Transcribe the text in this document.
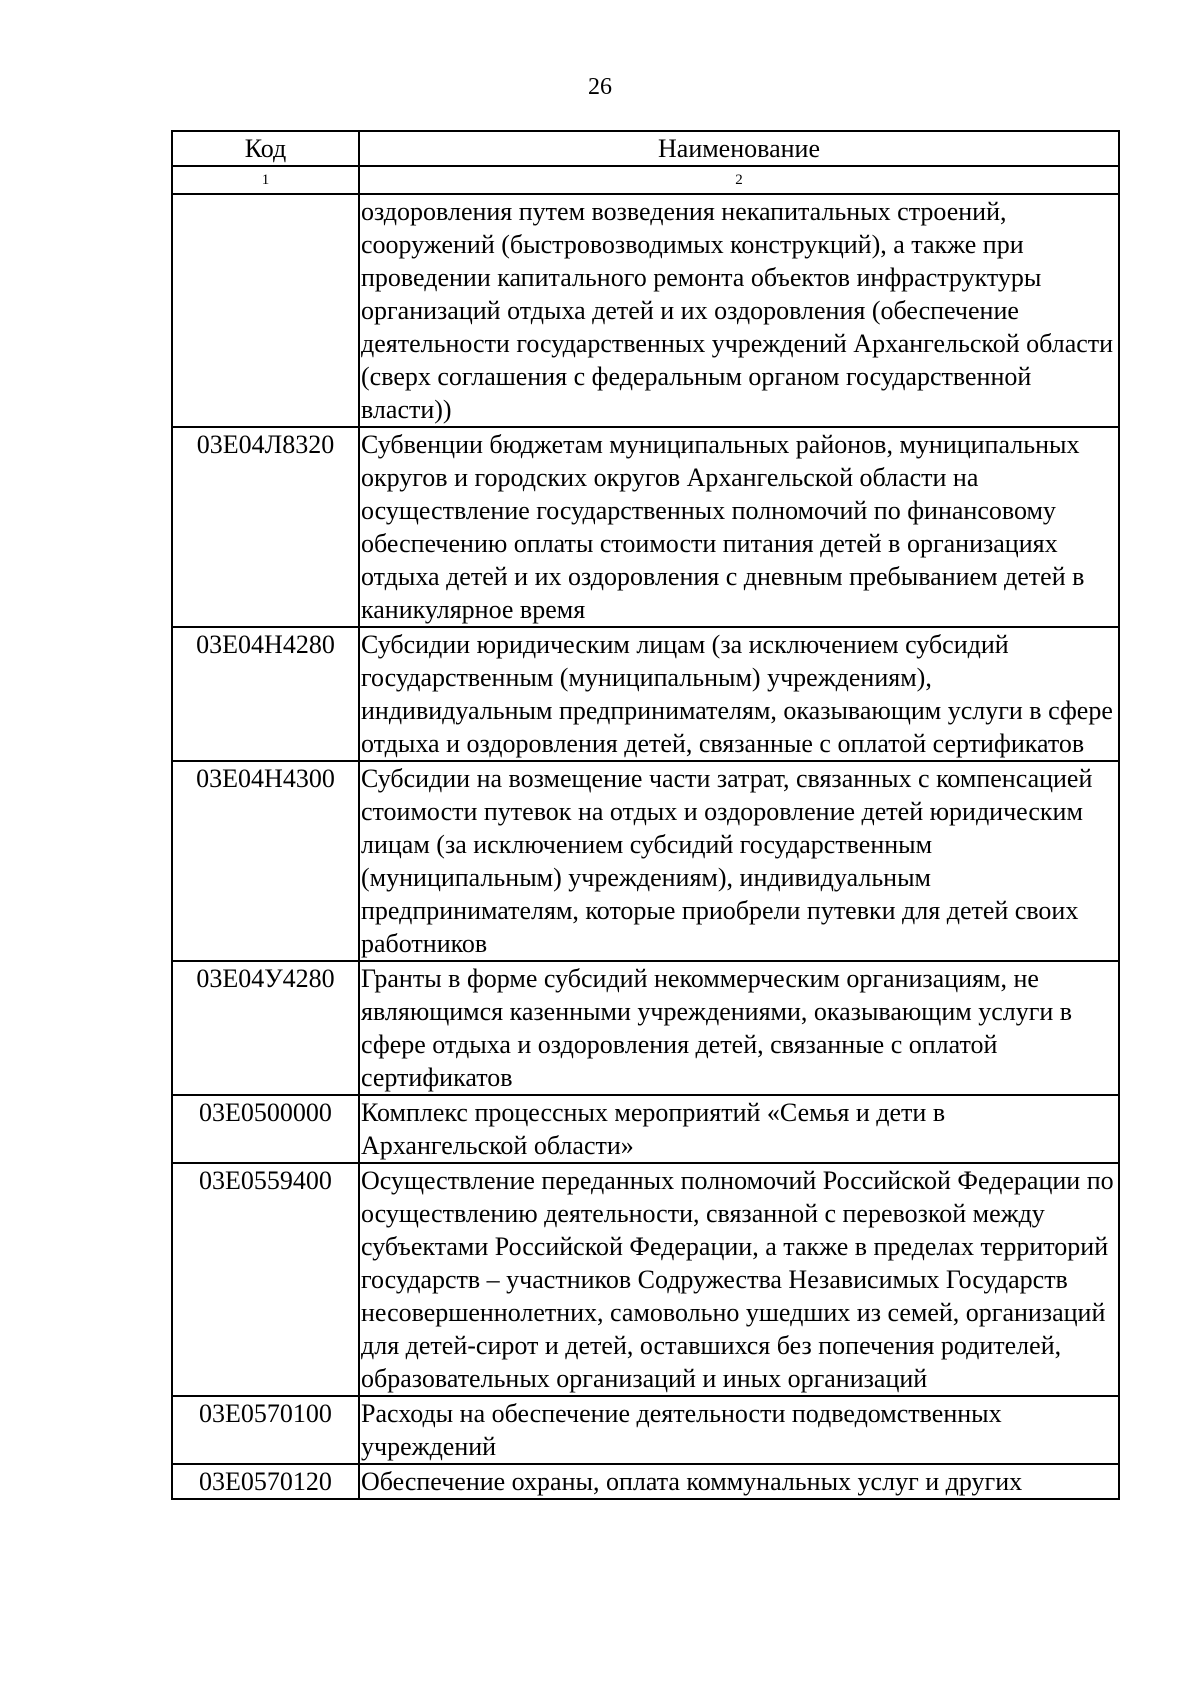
26
Код	Наименование
1	2
	оздоровления путем возведения некапитальных строений, сооружений (быстровозводимых конструкций), а также при проведении капитального ремонта объектов инфраструктуры организаций отдыха детей и их оздоровления (обеспечение деятельности государственных учреждений Архангельской области (сверх соглашения с федеральным органом государственной власти))
03Е04Л8320	Субвенции бюджетам муниципальных районов, муниципальных округов и городских округов Архангельской области на осуществление государственных полномочий по финансовому обеспечению оплаты стоимости питания детей в организациях отдыха детей и их оздоровления с дневным пребыванием детей в каникулярное время
03Е04Н4280	Субсидии юридическим лицам (за исключением субсидий государственным (муниципальным) учреждениям), индивидуальным предпринимателям, оказывающим услуги в сфере отдыха и оздоровления детей, связанные с оплатой сертификатов
03Е04Н4300	Субсидии на возмещение части затрат, связанных с компенсацией стоимости путевок на отдых и оздоровление детей юридическим лицам (за исключением субсидий государственным (муниципальным) учреждениям), индивидуальным предпринимателям, которые приобрели путевки для детей своих работников
03Е04У4280	Гранты в форме субсидий некоммерческим организациям, не являющимся казенными учреждениями, оказывающим услуги в сфере отдыха и оздоровления детей, связанные с оплатой сертификатов
03Е0500000	Комплекс процессных мероприятий «Семья и дети в Архангельской области»
03Е0559400	Осуществление переданных полномочий Российской Федерации по осуществлению деятельности, связанной с перевозкой между субъектами Российской Федерации, а также в пределах территорий государств – участников Содружества Независимых Государств несовершеннолетних, самовольно ушедших из семей, организаций для детей-сирот и детей, оставшихся без попечения родителей, образовательных организаций и иных организаций
03Е0570100	Расходы на обеспечение деятельности подведомственных учреждений
03Е0570120	Обеспечение охраны, оплата коммунальных услуг и других
